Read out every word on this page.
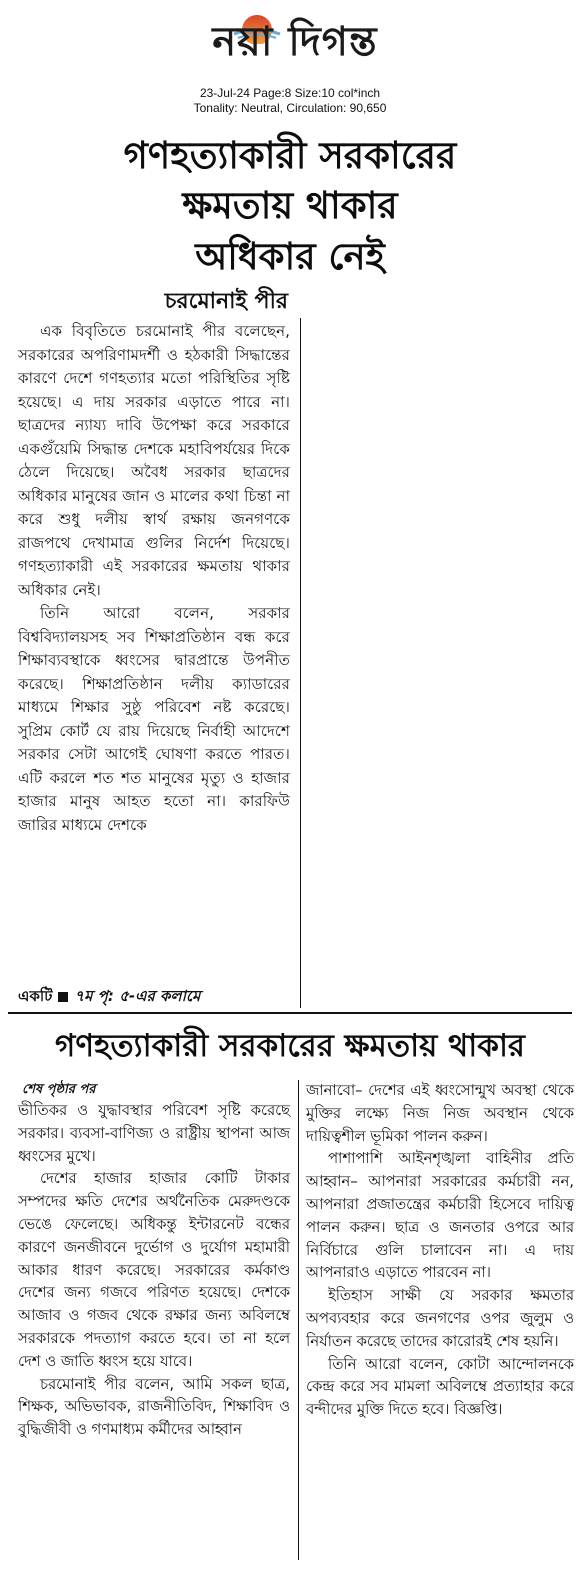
নয়া দিগন্ত
23-Jul-24 Page:8 Size:10 col*inch
Tonality: Neutral, Circulation: 90,650
গণহত্যাকারী সরকারের
ক্ষমতায় থাকার
অধিকার নেই
চরমোনাই পীর

এক বিবৃতিতে চরমোনাই পীর বলেছেন, সরকারের অপরিণামদর্শী ও হঠকারী সিদ্ধান্তের কারণে দেশে গণহত্যার মতো পরিস্থিতির সৃষ্টি হয়েছে। এ দায় সরকার এড়াতে পারে না। ছাত্রদের ন্যায্য দাবি উপেক্ষা করে সরকারে একগুঁয়েমি সিদ্ধান্ত দেশকে মহাবিপর্যয়ের দিকে ঠেলে দিয়েছে। অবৈধ সরকার ছাত্রদের অধিকার মানুষের জান ও মালের কথা চিন্তা না করে শুধু দলীয় স্বার্থ রক্ষায় জনগণকে রাজপথে দেখামাত্র গুলির নির্দেশ দিয়েছে। গণহত্যাকারী এই সরকারের ক্ষমতায় থাকার অধিকার নেই।

তিনি আরো বলেন, সরকার বিশ্ববিদ্যালয়সহ সব শিক্ষাপ্রতিষ্ঠান বন্ধ করে শিক্ষাব্যবস্থাকে ধ্বংসের দ্বারপ্রান্তে উপনীত করেছে। শিক্ষাপ্রতিষ্ঠান দলীয় ক্যাডারের মাধ্যমে শিক্ষার সুষ্ঠু পরিবেশ নষ্ট করেছে। সুপ্রিম কোর্ট যে রায় দিয়েছে নির্বাহী আদেশে সরকার সেটা আগেই ঘোষণা করতে পারত। এটি করলে শত শত মানুষের মৃত্যু ও হাজার হাজার মানুষ আহত হতো না। কারফিউ জারির মাধ্যমে দেশকে

একটি ৭ম পৃ: ৫-এর কলামে
গণহত্যাকারী সরকারের ক্ষমতায় থাকার
শেষ পৃষ্ঠার পর

ভীতিকর ও যুদ্ধাবস্থার পরিবেশ সৃষ্টি করেছে সরকার। ব্যবসা-বাণিজ্য ও রাষ্ট্রীয় স্থাপনা আজ ধ্বংসের মুখে।

দেশের হাজার হাজার কোটি টাকার সম্পদের ক্ষতি দেশের অর্থনৈতিক মেরুদণ্ডকে ভেঙে ফেলেছে। অধিকন্তু ইন্টারনেট বন্ধের কারণে জনজীবনে দুর্ভোগ ও দুর্যোগ মহামারী আকার ধারণ করেছে। সরকারের কর্মকাণ্ড দেশের জন্য গজবে পরিণত হয়েছে। দেশকে আজাব ও গজব থেকে রক্ষার জন্য অবিলম্বে সরকারকে পদত্যাগ করতে হবে। তা না হলে দেশ ও জাতি ধ্বংস হয়ে যাবে।

চরমোনাই পীর বলেন, আমি সকল ছাত্র, শিক্ষক, অভিভাবক, রাজনীতিবিদ, শিক্ষাবিদ ও বুদ্ধিজীবী ও গণমাধ্যম কর্মীদের আহ্বান

জানাবো– দেশের এই ধ্বংসোন্মুখ অবস্থা থেকে মুক্তির লক্ষ্যে নিজ নিজ অবস্থান থেকে দায়িত্বশীল ভূমিকা পালন করুন।

পাশাপাশি আইনশৃঙ্খলা বাহিনীর প্রতি আহ্বান– আপনারা সরকারের কর্মচারী নন, আপনারা প্রজাতন্ত্রের কর্মচারী হিসেবে দায়িত্ব পালন করুন। ছাত্র ও জনতার ওপরে আর নির্বিচারে গুলি চালাবেন না। এ দায় আপনারাও এড়াতে পারবেন না।

ইতিহাস সাক্ষী যে সরকার ক্ষমতার অপব্যবহার করে জনগণের ওপর জুলুম ও নির্যাতন করেছে তাদের কারোরই শেষ হয়নি।

তিনি আরো বলেন, কোটা আন্দোলনকে কেন্দ্র করে সব মামলা অবিলম্বে প্রত্যাহার করে বন্দীদের মুক্তি দিতে হবে। বিজ্ঞপ্তি।
